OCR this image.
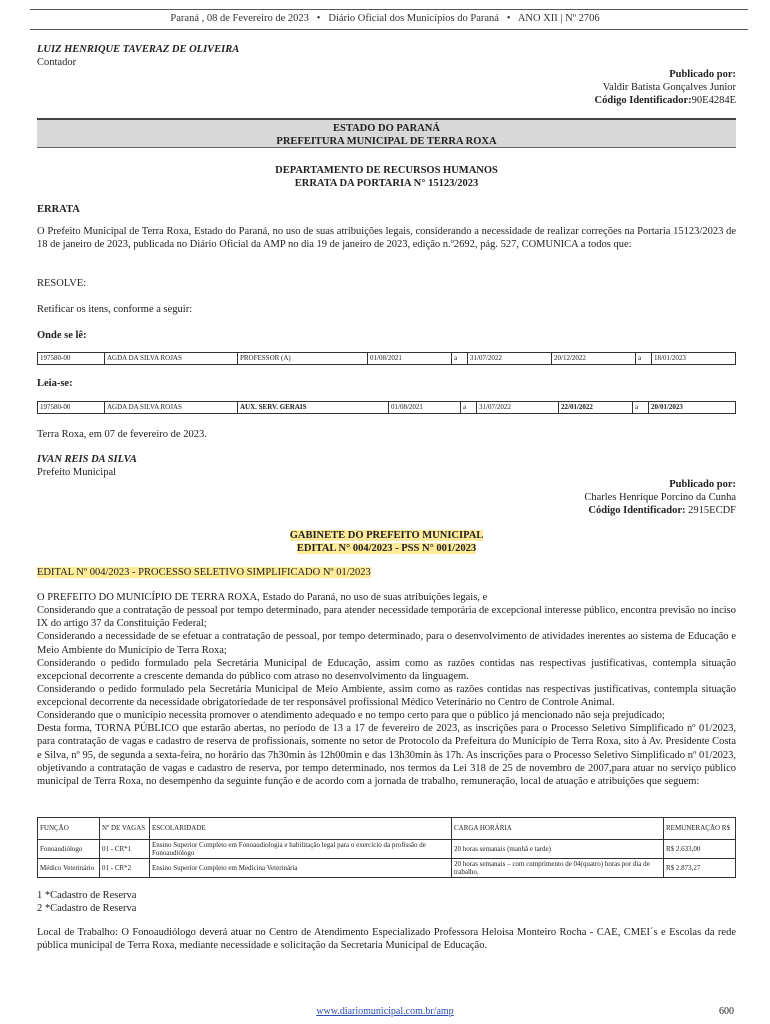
Paraná , 08 de Fevereiro de 2023 • Diário Oficial dos Municípios do Paraná • ANO XII | Nº 2706
LUIZ HENRIQUE TAVERAZ DE OLIVEIRA
Contador
Publicado por:
Valdir Batista Gonçalves Junior
Código Identificador:90E4284E
ESTADO DO PARANÁ
PREFEITURA MUNICIPAL DE TERRA ROXA
DEPARTAMENTO DE RECURSOS HUMANOS
ERRATA DA PORTARIA N° 15123/2023
ERRATA
O Prefeito Municipal de Terra Roxa, Estado do Paraná, no uso de suas atribuições legais, considerando a necessidade de realizar correções na Portaria 15123/2023 de 18 de janeiro de 2023, publicada no Diário Oficial da AMP no dia 19 de janeiro de 2023, edição n.º2692, pág. 527, COMUNICA a todos que:
RESOLVE:
Retificar os itens, conforme a seguir:
Onde se lê:
197580-00	AGDA DA SILVA ROJAS	PROFESSOR (A)	01/08/2021	a	31/07/2022	20/12/2022	a	18/01/2023
Leia-se:
197580-00	AGDA DA SILVA ROJAS	AUX. SERV. GERAIS	01/08/2021	a	31/07/2022	22/01/2022	a	20/01/2023
Terra Roxa, em 07 de fevereiro de 2023.
IVAN REIS DA SILVA
Prefeito Municipal
Publicado por:
Charles Henrique Porcino da Cunha
Código Identificador: 2915ECDF
GABINETE DO PREFEITO MUNICIPAL
EDITAL N° 004/2023 - PSS N° 001/2023
EDITAL Nº 004/2023 - PROCESSO SELETIVO SIMPLIFICADO Nº 01/2023
O PREFEITO DO MUNICÍPIO DE TERRA ROXA, Estado do Paraná, no uso de suas atribuições legais, e
Considerando que a contratação de pessoal por tempo determinado, para atender necessidade temporária de excepcional interesse público, encontra previsão no inciso IX do artigo 37 da Constituição Federal;
Considerando a necessidade de se efetuar a contratação de pessoal, por tempo determinado, para o desenvolvimento de atividades inerentes ao sistema de Educação e Meio Ambiente do Município de Terra Roxa;
Considerando o pedido formulado pela Secretária Municipal de Educação, assim como as razões contidas nas respectivas justificativas, contempla situação excepcional decorrente a crescente demanda do público com atraso no desenvolvimento da linguagem.
Considerando o pedido formulado pela Secretária Municipal de Meio Ambiente, assim como as razões contidas nas respectivas justificativas, contempla situação excepcional decorrente da necessidade obrigatoriedade de ter responsável profissional Médico Veterinário no Centro de Controle Animal.
Considerando que o município necessita promover o atendimento adequado e no tempo certo para que o público já mencionado não seja prejudicado;
Desta forma, TORNA PÚBLICO que estarão abertas, no período de 13 a 17 de fevereiro de 2023, as inscrições para o Processo Seletivo Simplificado nº 01/2023, para contratação de vagas e cadastro de reserva de profissionais, somente no setor de Protocolo da Prefeitura do Município de Terra Roxa, sito à Av. Presidente Costa e Silva, nº 95, de segunda a sexta-feira, no horário das 7h30min às 12h00min e das 13h30min às 17h. As inscrições para o Processo Seletivo Simplificado nº 01/2023, objetivando a contratação de vagas e cadastro de reserva, por tempo determinado, nos termos da Lei 318 de 25 de novembro de 2007,para atuar no serviço público municipal de Terra Roxa, no desempenho da seguinte função e de acordo com a jornada de trabalho, remuneração, local de atuação e atribuições que seguem:
FUNÇÃO	Nº DE VAGAS	ESCOLARIDADE	CARGA HORÁRIA	REMUNERAÇÃO R$
Fonoaudiólogo	01 - CR*1	Ensino Superior Completo em Fonoaudiologia e habilitação legal para o exercício da profissão de Fonoaudiólogo	20 horas semanais (manhã e tarde)	R$ 2.633,00
Médico Veterinário	01 - CR*2	Ensino Superior Completo em Medicina Veterinária	20 horas semanais – com cumprimento de 04(quatro) horas por dia de trabalho.	R$ 2.873,27
1 *Cadastro de Reserva
2 *Cadastro de Reserva
Local de Trabalho: O Fonoaudiólogo deverá atuar no Centro de Atendimento Especializado Professora Heloisa Monteiro Rocha - CAE, CMEI´s e Escolas da rede pública municipal de Terra Roxa, mediante necessidade e solicitação da Secretaria Municipal de Educação.
www.diariomunicipal.com.br/amp	600
